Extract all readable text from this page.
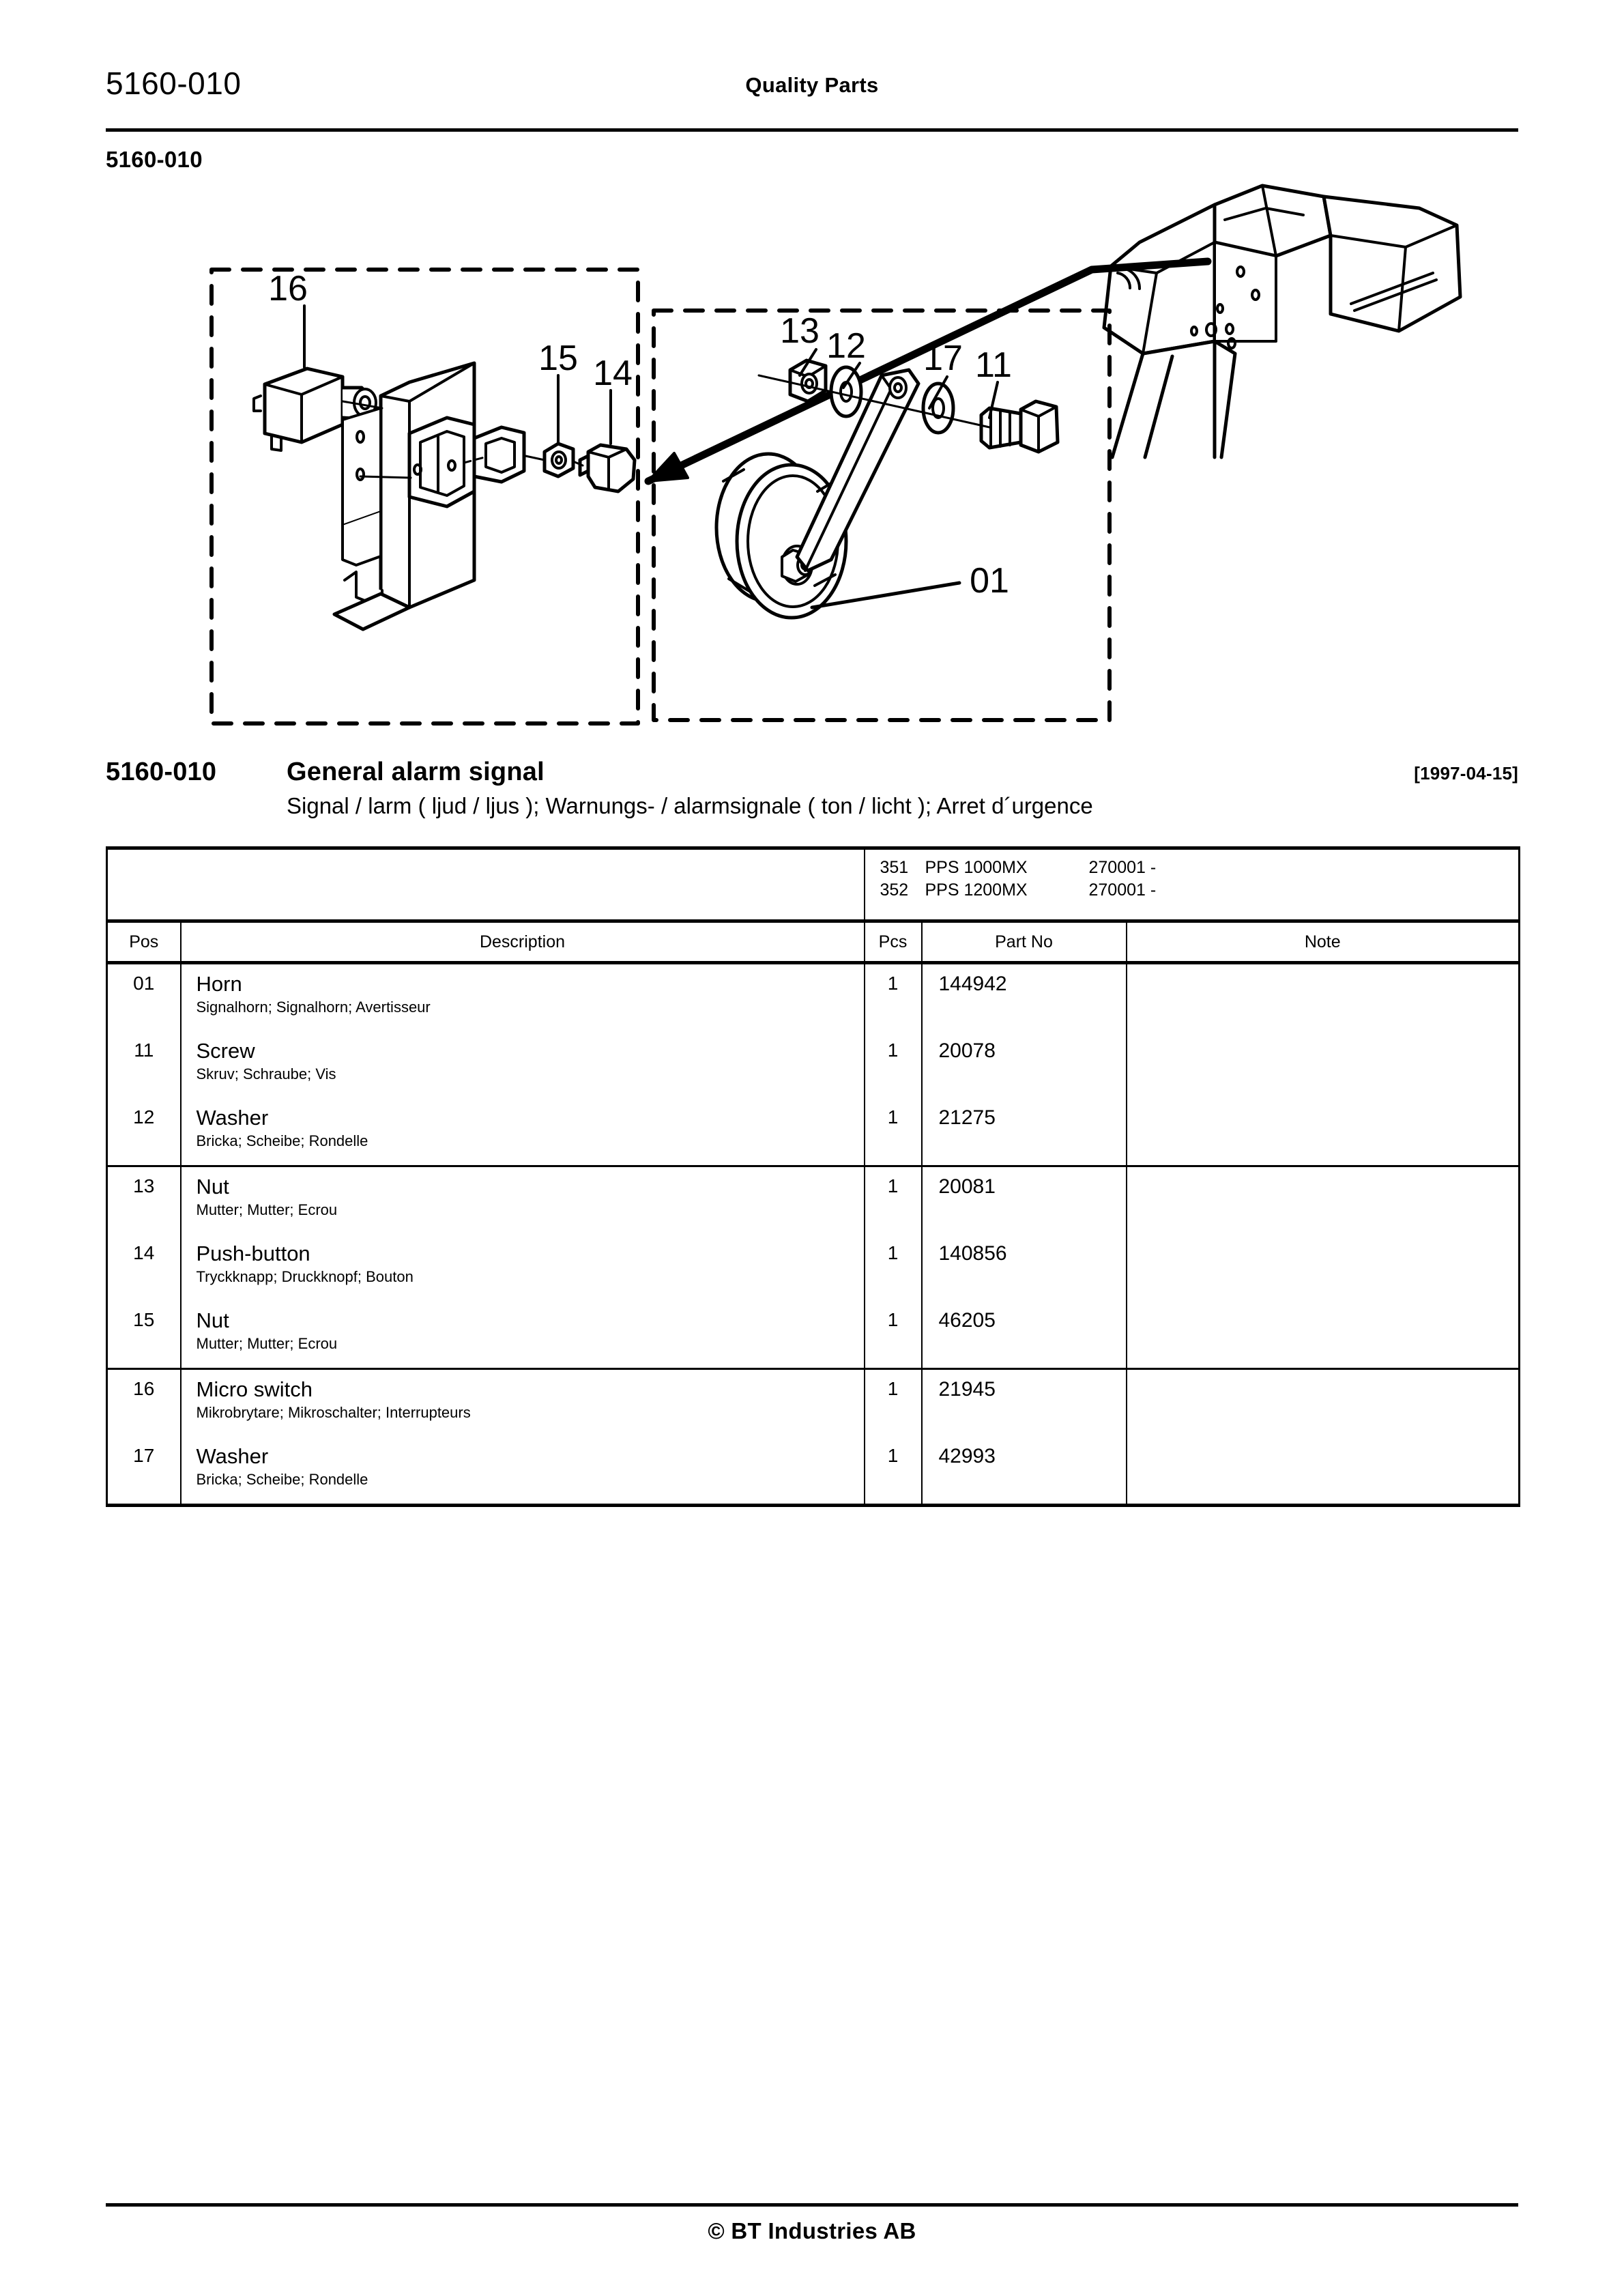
5160-010	Quality Parts
5160-010
16
15 14
13 12 17 11
01
5160-010	General alarm signal	[1997-04-15]
Signal / larm ( ljud / ljus ); Warnungs- / alarmsignale ( ton / licht ); Arret d´urgence

		351 PPS 1000MX 270001 -
352 PPS 1200MX 270001 -		

Pos	Description	Pcs	Part No	Note

01	Horn
Signalhorn; Signalhorn; Avertisseur	1	144942	
11	Screw
Skruv; Schraube; Vis	1	20078	
12	Washer
Bricka; Scheibe; Rondelle	1	21275	
13	Nut
Mutter; Mutter; Ecrou	1	20081	
14	Push-button
Tryckknapp; Druckknopf; Bouton	1	140856	
15	Nut
Mutter; Mutter; Ecrou	1	46205	
16	Micro switch
Mikrobrytare; Mikroschalter; Interrupteurs	1	21945	
17	Washer
Bricka; Scheibe; Rondelle	1	42993	
© BT Industries AB
